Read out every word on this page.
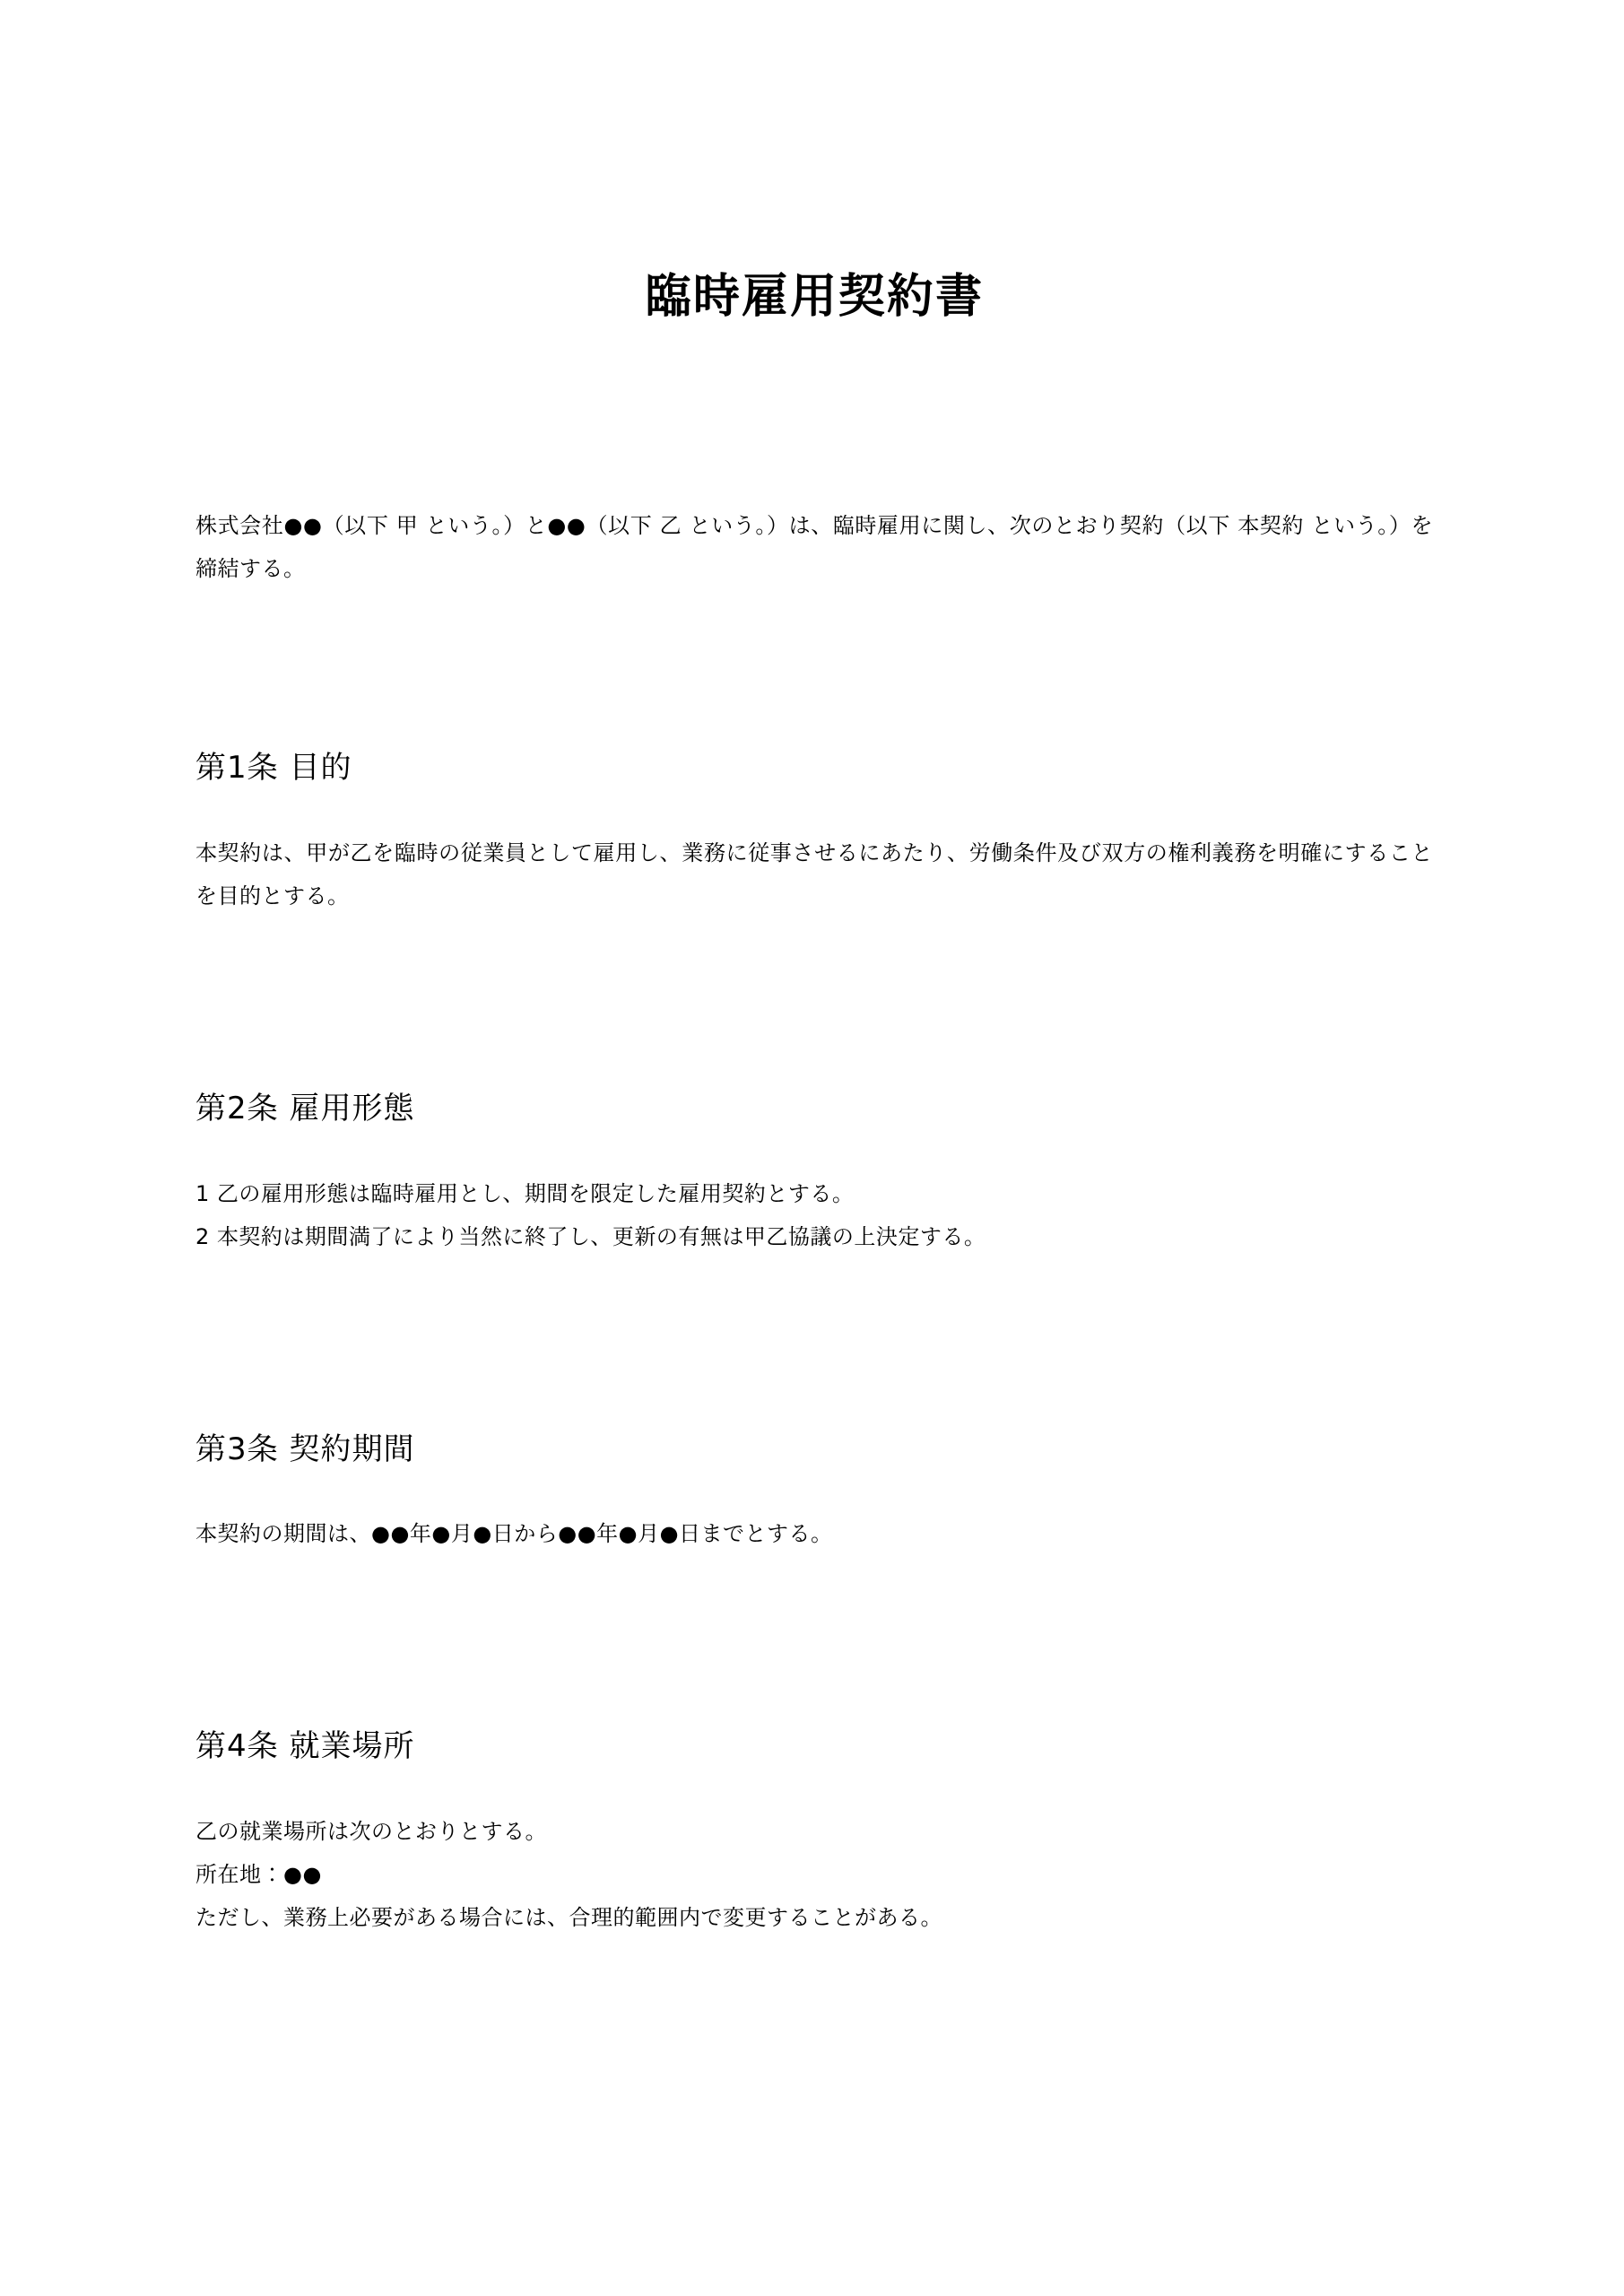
臨時雇用契約書

株式会社●●（以下 甲 という。）と●●（以下 乙 という。）は、臨時雇用に関し、次のとおり契約（以下 本契約 という。）を締結する。

第1条 目的
本契約は、甲が乙を臨時の従業員として雇用し、業務に従事させるにあたり、労働条件及び双方の権利義務を明確にすることを目的とする。
第2条 雇用形態
1 乙の雇用形態は臨時雇用とし、期間を限定した雇用契約とする。
2 本契約は期間満了により当然に終了し、更新の有無は甲乙協議の上決定する。
第3条 契約期間
本契約の期間は、●●年●月●日から●●年●月●日までとする。
第4条 就業場所
乙の就業場所は次のとおりとする。
所在地：●●
ただし、業務上必要がある場合には、合理的範囲内で変更することがある。
